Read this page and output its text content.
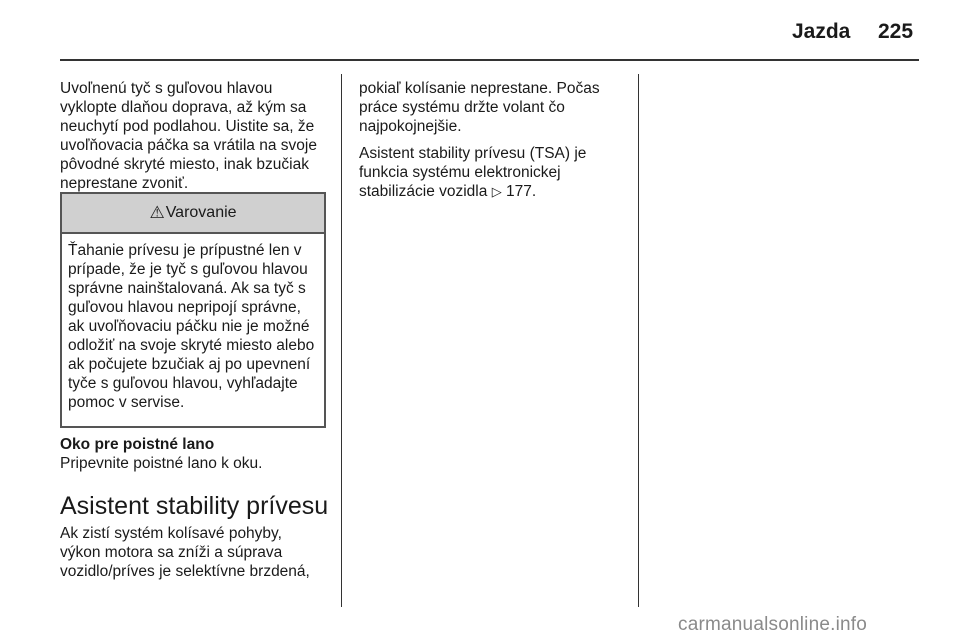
Jazda 225

Uvoľnenú tyč s guľovou hlavou vyklopte dlaňou doprava, až kým sa neuchytí pod podlahou. Uistite sa, že uvoľňovacia páčka sa vrátila na svoje pôvodné skryté miesto, inak bzučiak neprestane zvoniť.

⚠ Varovanie
Ťahanie prívesu je prípustné len v prípade, že je tyč s guľovou hlavou správne nainštalovaná. Ak sa tyč s guľovou hlavou nepripojí správne, ak uvoľňovaciu páčku nie je možné odložiť na svoje skryté miesto alebo ak počujete bzučiak aj po upevnení tyče s guľovou hlavou, vyhľadajte pomoc v servise.
Oko pre poistné lano
Pripevnite poistné lano k oku.
Asistent stability prívesu

Ak zistí systém kolísavé pohyby, výkon motora sa zníži a súprava vozidlo/príves je selektívne brzdená,

pokiaľ kolísanie neprestane. Počas práce systému držte volant čo najpokojnejšie.

Asistent stability prívesu (TSA) je funkcia systému elektronickej stabilizácie vozidla ▷ 177.

carmanualsonline.info
